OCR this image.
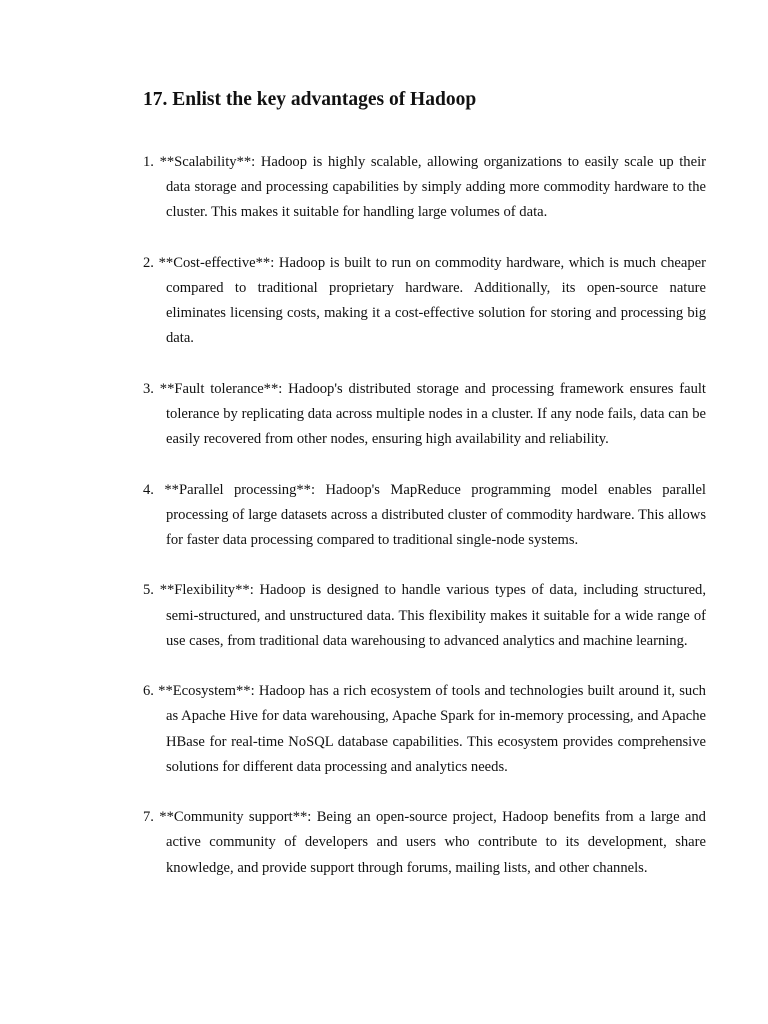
17. Enlist the key advantages of Hadoop
1. **Scalability**: Hadoop is highly scalable, allowing organizations to easily scale up their data storage and processing capabilities by simply adding more commodity hardware to the cluster. This makes it suitable for handling large volumes of data.
2. **Cost-effective**: Hadoop is built to run on commodity hardware, which is much cheaper compared to traditional proprietary hardware. Additionally, its open-source nature eliminates licensing costs, making it a cost-effective solution for storing and processing big data.
3. **Fault tolerance**: Hadoop's distributed storage and processing framework ensures fault tolerance by replicating data across multiple nodes in a cluster. If any node fails, data can be easily recovered from other nodes, ensuring high availability and reliability.
4. **Parallel processing**: Hadoop's MapReduce programming model enables parallel processing of large datasets across a distributed cluster of commodity hardware. This allows for faster data processing compared to traditional single-node systems.
5. **Flexibility**: Hadoop is designed to handle various types of data, including structured, semi-structured, and unstructured data. This flexibility makes it suitable for a wide range of use cases, from traditional data warehousing to advanced analytics and machine learning.
6. **Ecosystem**: Hadoop has a rich ecosystem of tools and technologies built around it, such as Apache Hive for data warehousing, Apache Spark for in-memory processing, and Apache HBase for real-time NoSQL database capabilities. This ecosystem provides comprehensive solutions for different data processing and analytics needs.
7. **Community support**: Being an open-source project, Hadoop benefits from a large and active community of developers and users who contribute to its development, share knowledge, and provide support through forums, mailing lists, and other channels.
